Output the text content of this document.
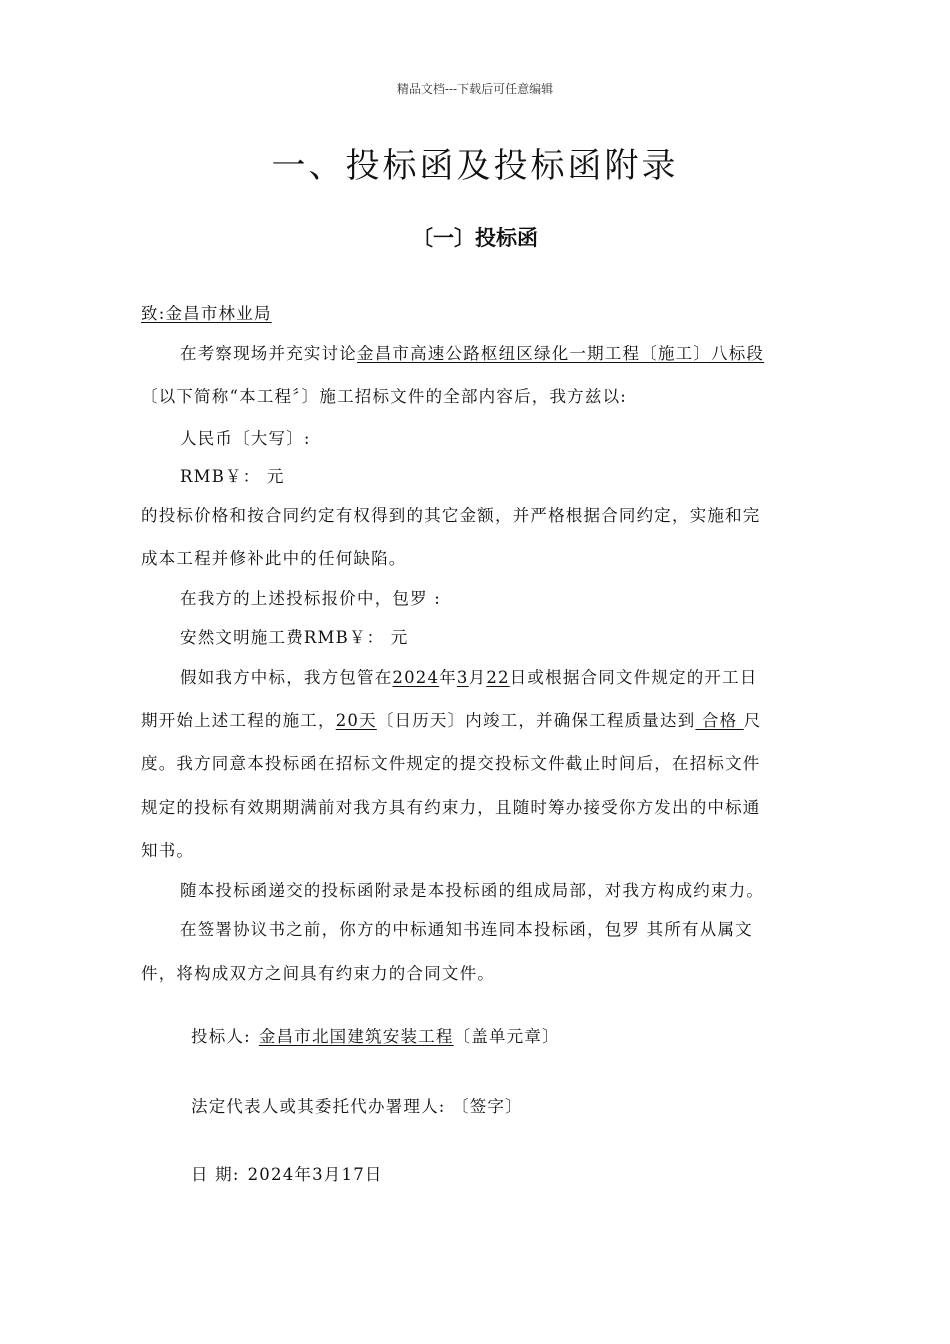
精品文档---下载后可任意编辑
一、投标函及投标函附录
〔一〕投标函
致:金昌市林业局
在考察现场并充实讨论金昌市高速公路枢纽区绿化一期工程〔施工〕八标段
〔以下简称“本工程〞〕施工招标文件的全部内容后，我方兹以:
人民币〔大写〕:
RMB￥： 元
的投标价格和按合同约定有权得到的其它金额，并严格根据合同约定，实施和完
成本工程并修补此中的任何缺陷。
在我方的上述投标报价中，包罗 :
安然文明施工费RMB￥： 元
假如我方中标，我方包管在2024年3月22日或根据合同文件规定的开工日
期开始上述工程的施工，20天〔日历天〕内竣工，并确保工程质量达到 合格 尺
度。我方同意本投标函在招标文件规定的提交投标文件截止时间后，在招标文件
规定的投标有效期期满前对我方具有约束力，且随时筹办接受你方发出的中标通
知书。
随本投标函递交的投标函附录是本投标函的组成局部，对我方构成约束力。
在签署协议书之前，你方的中标通知书连同本投标函，包罗 其所有从属文
件，将构成双方之间具有约束力的合同文件。
投标人: 金昌市北国建筑安装工程〔盖单元章〕
法定代表人或其委托代办署理人: 〔签字〕
日 期: 2024年3月17日
